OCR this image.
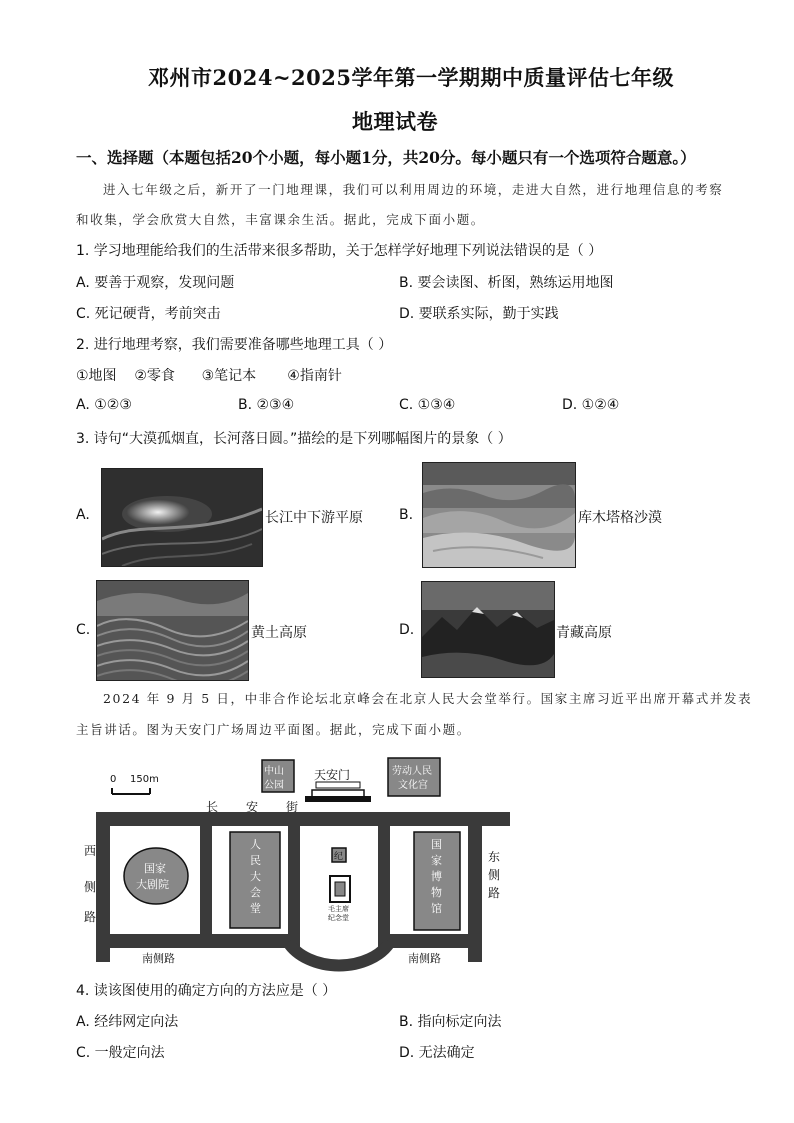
邓州市2024~2025学年第一学期期中质量评估七年级
地理试卷
一、选择题（本题包括20个小题，每小题1分，共20分。每小题只有一个选项符合题意。）
进入七年级之后，新开了一门地理课，我们可以利用周边的环境，走进大自然，进行地理信息的考察
和收集，学会欣赏大自然，丰富课余生活。据此，完成下面小题。
1. 学习地理能给我们的生活带来很多帮助，关于怎样学好地理下列说法错误的是（ ）
A. 要善于观察，发现问题	B. 要会读图、析图，熟练运用地图
C. 死记硬背，考前突击	D. 要联系实际，勤于实践
2. 进行地理考察，我们需要准备哪些地理工具（ ）
①地图    ②零食      ③笔记本       ④指南针
A. ①②③	B. ②③④	C. ①③④	D. ①②④
3. 诗句“大漠孤烟直，长河落日圆。”描绘的是下列哪幅图片的景象（ ）
A.	长江中下游平原	B.	库木塔格沙漠
C.	黄土高原	D.	青藏高原
2024 年 9 月 5 日，中非合作论坛北京峰会在北京人民大会堂举行。国家主席习近平出席开幕式并发表
主旨讲话。图为天安门广场周边平面图。据此，完成下面小题。
0 150m
中山
公园
天安门	劳动人民
文化宫
长 安 街
西
侧
路
东
侧
路
国家
大剧院
人
民
大
会
堂
国
家
博
物
馆
纪
毛主席
纪念堂
南侧路	南侧路
4. 读该图使用的确定方向的方法应是（ ）
A. 经纬网定向法	B. 指向标定向法
C. 一般定向法	D. 无法确定
